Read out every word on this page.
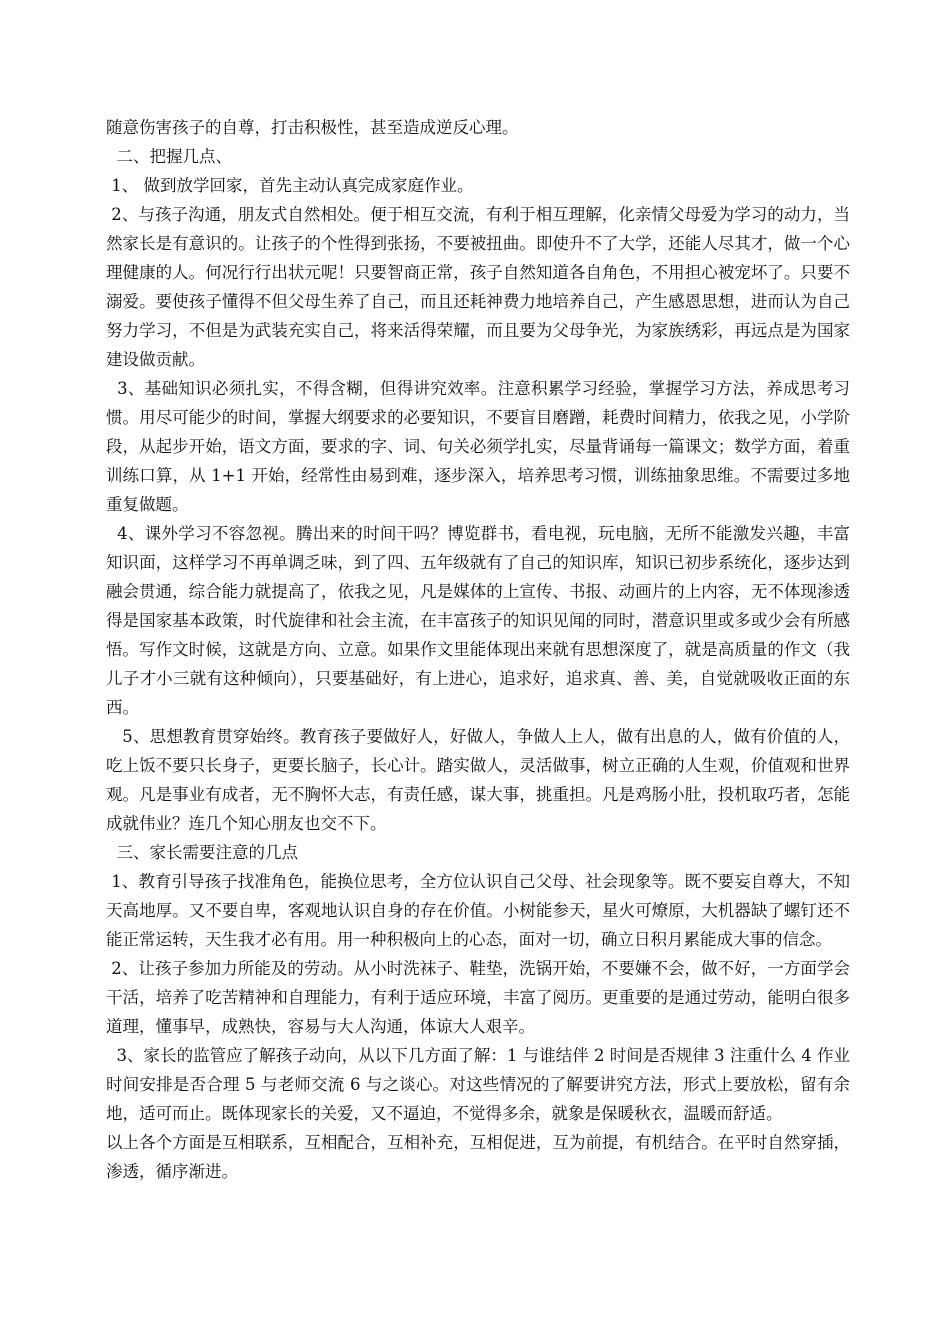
随意伤害孩子的自尊，打击积极性，甚至造成逆反心理。

二、把握几点、

1、 做到放学回家，首先主动认真完成家庭作业。

2、与孩子沟通，朋友式自然相处。便于相互交流，有利于相互理解，化亲情父母爱为学习的动力，当然家长是有意识的。让孩子的个性得到张扬，不要被扭曲。即使升不了大学，还能人尽其才，做一个心理健康的人。何况行行出状元呢！只要智商正常，孩子自然知道各自角色，不用担心被宠坏了。只要不溺爱。要使孩子懂得不但父母生养了自己，而且还耗神费力地培养自己，产生感恩思想，进而认为自己努力学习，不但是为武装充实自己，将来活得荣耀，而且要为父母争光，为家族绣彩，再远点是为国家建设做贡献。

3、基础知识必须扎实，不得含糊，但得讲究效率。注意积累学习经验，掌握学习方法，养成思考习惯。用尽可能少的时间，掌握大纲要求的必要知识，不要盲目磨蹭，耗费时间精力，依我之见，小学阶段，从起步开始，语文方面，要求的字、词、句关必须学扎实，尽量背诵每一篇课文；数学方面，着重训练口算，从 1+1 开始，经常性由易到难，逐步深入，培养思考习惯，训练抽象思维。不需要过多地重复做题。

4、课外学习不容忽视。腾出来的时间干吗？博览群书，看电视，玩电脑，无所不能激发兴趣，丰富知识面，这样学习不再单调乏味，到了四、五年级就有了自己的知识库，知识已初步系统化，逐步达到融会贯通，综合能力就提高了，依我之见，凡是媒体的上宣传、书报、动画片的上内容，无不体现渗透得是国家基本政策，时代旋律和社会主流，在丰富孩子的知识见闻的同时，潜意识里或多或少会有所感悟。写作文时候，这就是方向、立意。如果作文里能体现出来就有思想深度了，就是高质量的作文（我儿子才小三就有这种倾向），只要基础好，有上进心，追求好，追求真、善、美，自觉就吸收正面的东西。

5、思想教育贯穿始终。教育孩子要做好人，好做人，争做人上人，做有出息的人，做有价值的人，吃上饭不要只长身子，更要长脑子，长心计。踏实做人，灵活做事，树立正确的人生观，价值观和世界观。凡是事业有成者，无不胸怀大志，有责任感，谋大事，挑重担。凡是鸡肠小肚，投机取巧者，怎能成就伟业？连几个知心朋友也交不下。

三、家长需要注意的几点

1、教育引导孩子找准角色，能换位思考，全方位认识自己父母、社会现象等。既不要妄自尊大，不知天高地厚。又不要自卑，客观地认识自身的存在价值。小树能参天，星火可燎原，大机器缺了螺钉还不能正常运转，天生我才必有用。用一种积极向上的心态，面对一切，确立日积月累能成大事的信念。

2、让孩子参加力所能及的劳动。从小时洗袜子、鞋垫，洗锅开始，不要嫌不会，做不好，一方面学会干活，培养了吃苦精神和自理能力，有利于适应环境，丰富了阅历。更重要的是通过劳动，能明白很多道理，懂事早，成熟快，容易与大人沟通，体谅大人艰辛。

3、家长的监管应了解孩子动向，从以下几方面了解：1 与谁结伴 2 时间是否规律 3 注重什么 4 作业时间安排是否合理 5 与老师交流 6 与之谈心。对这些情况的了解要讲究方法，形式上要放松，留有余地，适可而止。既体现家长的关爱，又不逼迫，不觉得多余，就象是保暖秋衣，温暖而舒适。

以上各个方面是互相联系，互相配合，互相补充，互相促进，互为前提，有机结合。在平时自然穿插，渗透，循序渐进。
